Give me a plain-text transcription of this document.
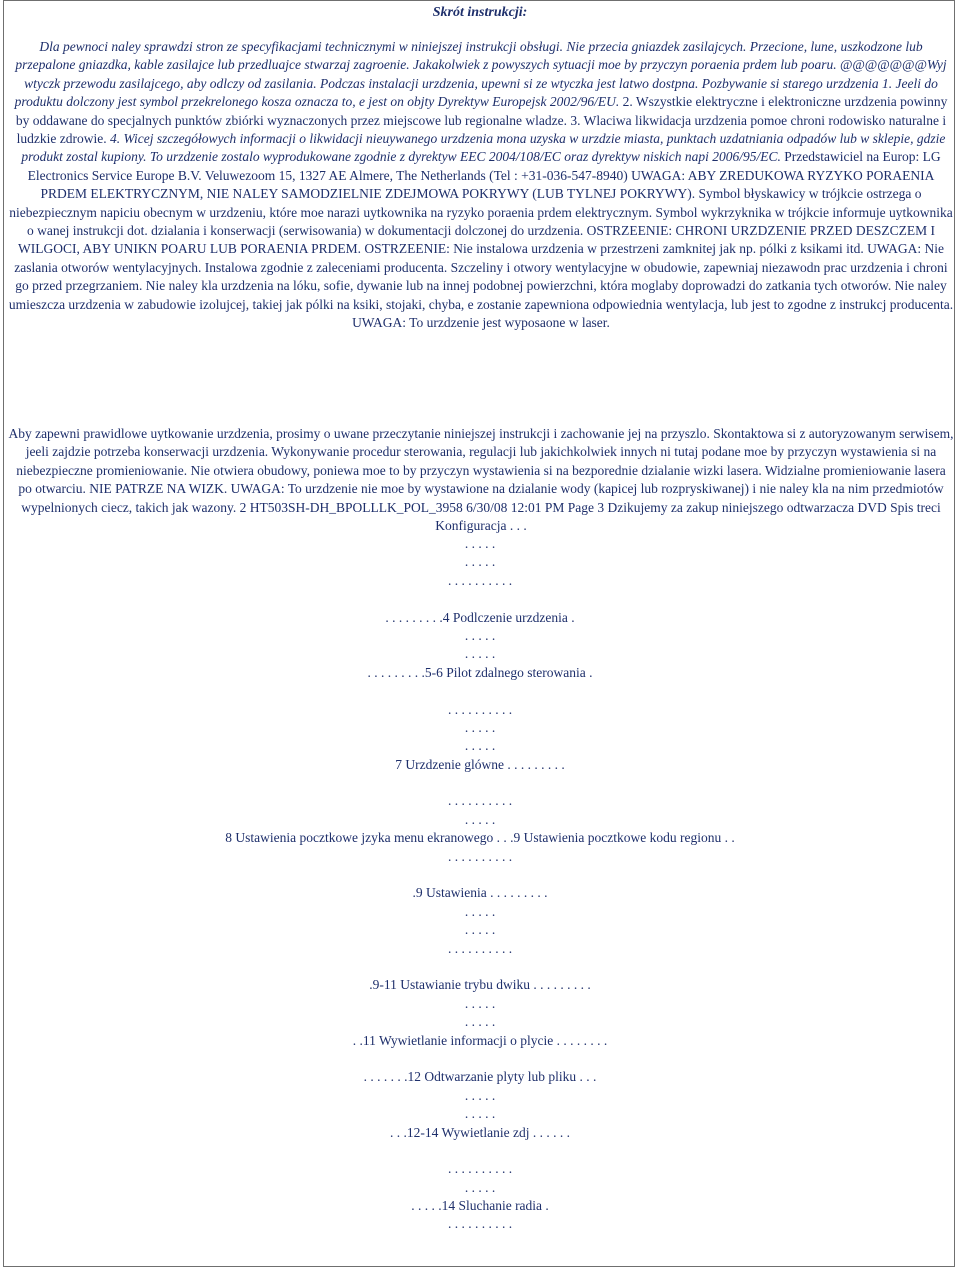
Skrót instrukcji:
Dla pewnoci naley sprawdzi stron ze specyfikacjami technicznymi w niniejszej instrukcji obsługi. Nie przecia gniazdek zasilajcych. Przecione, lune, uszkodzone lub przepalone gniazdka, kable zasilajce lub przedluajce stwarzaj zagroenie. Jakakolwiek z powyszych sytuacji moe by przyczyn poraenia prdem lub poaru. @@@@@@@Wyj wtyczk przewodu zasilajcego, aby odlczy od zasilania. Podczas instalacji urzdzenia, upewni si ze wtyczka jest latwo dostpna. Pozbywanie si starego urzdzenia 1. Jeeli do produktu dolczony jest symbol przekrelonego kosza oznacza to, e jest on objty Dyrektyw Europejsk 2002/96/EU. 2. Wszystkie elektryczne i elektroniczne urzdzenia powinny by oddawane do specjalnych punktów zbiórki wyznaczonych przez miejscowe lub regionalne wladze. 3. Wlaciwa likwidacja urzdzenia pomoe chroni rodowisko naturalne i ludzkie zdrowie. 4. Wicej szczegółowych informacji o likwidacji nieuywanego urzdzenia mona uzyska w urzdzie miasta, punktach uzdatniania odpadów lub w sklepie, gdzie produkt zostal kupiony. To urzdzenie zostalo wyprodukowane zgodnie z dyrektyw EEC 2004/108/EC oraz dyrektyw niskich napi 2006/95/EC. Przedstawiciel na Europ: LG Electronics Service Europe B.V. Veluwezoom 15, 1327 AE Almere, The Netherlands (Tel : +31-036-547-8940) UWAGA: ABY ZREDUKOWA RYZYKO PORAENIA PRDEM ELEKTRYCZNYM, NIE NALEY SAMODZIELNIE ZDEJMOWA POKRYWY (LUB TYLNEJ POKRYWY). Symbol błyskawicy w trójkcie ostrzega o niebezpiecznym napiciu obecnym w urzdzeniu, które moe narazi uytkownika na ryzyko poraenia prdem elektrycznym. Symbol wykrzyknika w trójkcie informuje uytkownika o wanej instrukcji dot. dzialania i konserwacji (serwisowania) w dokumentacji dolczonej do urzdzenia. OSTRZEENIE: CHRONI URZDZENIE PRZED DESZCZEM I WILGOCI, ABY UNIKN POARU LUB PORAENIA PRDEM. OSTRZEENIE: Nie instalowa urzdzenia w przestrzeni zamknitej jak np. pólki z ksikami itd. UWAGA: Nie zaslania otworów wentylacyjnych. Instalowa zgodnie z zaleceniami producenta. Szczeliny i otwory wentylacyjne w obudowie, zapewniaj niezawodn prac urzdzenia i chroni go przed przegrzaniem. Nie naley kla urzdzenia na lóku, sofie, dywanie lub na innej podobnej powierzchni, która moglaby doprowadzi do zatkania tych otworów. Nie naley umieszcza urzdzenia w zabudowie izolujcej, takiej jak pólki na ksiki, stojaki, chyba, e zostanie zapewniona odpowiednia wentylacja, lub jest to zgodne z instrukcj producenta. UWAGA: To urzdzenie jest wyposaone w laser.
Aby zapewni prawidlowe uytkowanie urzdzenia, prosimy o uwane przeczytanie niniejszej instrukcji i zachowanie jej na przyszlo. Skontaktowa si z autoryzowanym serwisem, jeeli zajdzie potrzeba konserwacji urzdzenia. Wykonywanie procedur sterowania, regulacji lub jakichkolwiek innych ni tutaj podane moe by przyczyn wystawienia si na niebezpieczne promieniowanie. Nie otwiera obudowy, poniewa moe to by przyczyn wystawienia si na bezporednie dzialanie wizki lasera. Widzialne promieniowanie lasera po otwarciu. NIE PATRZE NA WIZK. UWAGA: To urzdzenie nie moe by wystawione na dzialanie wody (kapicej lub rozpryskiwanej) i nie naley kla na nim przedmiotów wypelnionych ciecz, takich jak wazony. 2 HT503SH-DH_BPOLLLK_POL_3958 6/30/08 12:01 PM Page 3 Dzikujemy za zakup niniejszego odtwarzacza DVD Spis treci Konfiguracja . . .
. . . . .
. . . . .
. . . . . . . . . .
. . . . . . . . .4 Podlczenie urzdzenia .
. . . . .
. . . . .
. . . . . . . . .5-6 Pilot zdalnego sterowania .
. . . . . . . . . .
. . . . .
. . . . .
7 Urzdzenie glówne . . . . . . . . .
. . . . . . . . . .
. . . . .
8 Ustawienia pocztkowe jzyka menu ekranowego . . .9 Ustawienia pocztkowe kodu regionu . .
. . . . . . . . . .
.9 Ustawienia . . . . . . . . .
. . . . .
. . . . .
. . . . . . . . . .
.9-11 Ustawianie trybu dwiku . . . . . . . . .
. . . . .
. . . . .
. .11 Wywietlanie informacji o plycie . . . . . . . .
. . . . . . .12 Odtwarzanie plyty lub pliku . . .
. . . . .
. . . . .
. . .12-14 Wywietlanie zdj . . . . . .
. . . . . . . . . .
. . . . .
. . . . .14 Sluchanie radia .
. . . . . . . . . .
